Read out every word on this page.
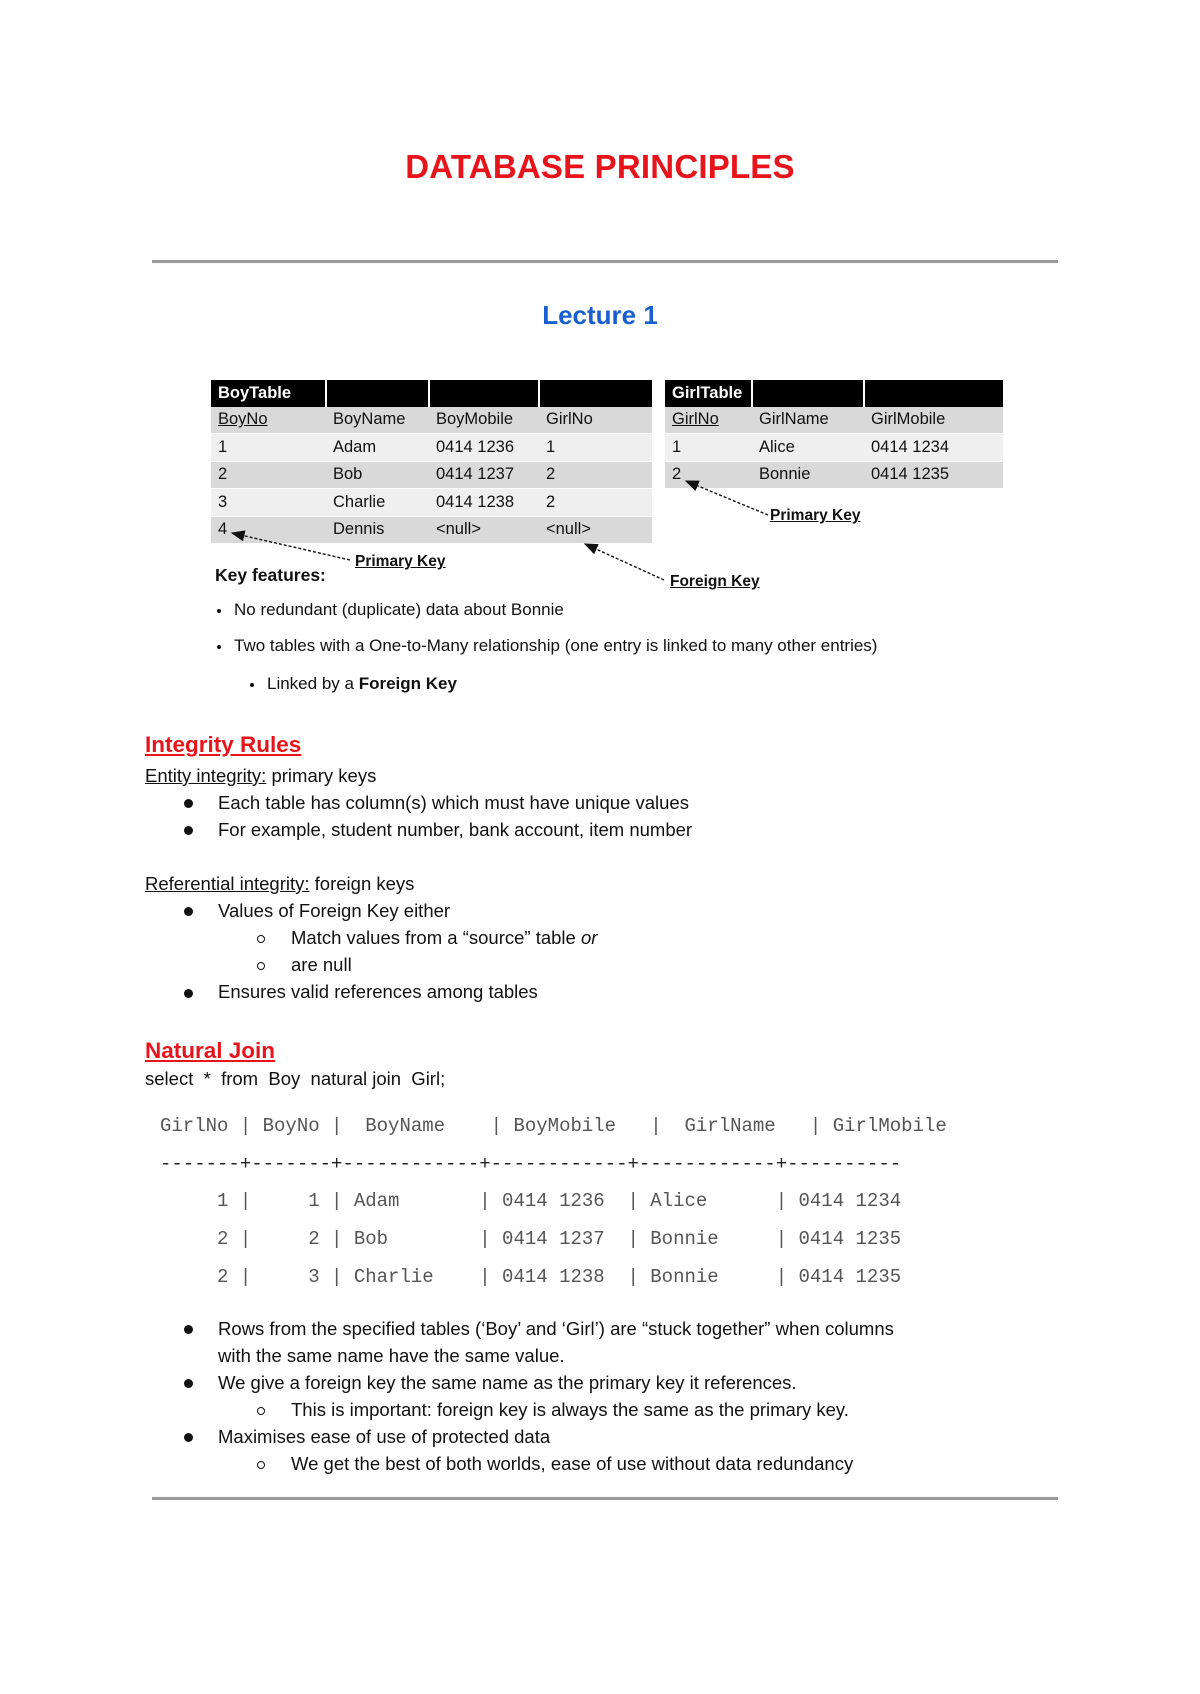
DATABASE PRINCIPLES
Lecture 1
BoyTable			
BoyNo	BoyName	BoyMobile	GirlNo
1	Adam	0414 1236	1
2	Bob	0414 1237	2
3	Charlie	0414 1238	2
4	Dennis	<null>	<null>
GirlTable		
GirlNo	GirlName	GirlMobile
1	Alice	0414 1234
2	Bonnie	0414 1235
Primary Key
Primary Key
Foreign Key
Key features:
No redundant (duplicate) data about Bonnie
Two tables with a One-to-Many relationship (one entry is linked to many other entries)
Linked by a Foreign Key
Integrity Rules
Entity integrity: primary keys
Each table has column(s) which must have unique values
For example, student number, bank account, item number
Referential integrity: foreign keys
Values of Foreign Key either
Match values from a “source” table or
are null
Ensures valid references among tables
Natural Join
select  *  from  Boy  natural join  Girl;
GirlNo | BoyNo |  BoyName    | BoyMobile   |  GirlName   | GirlMobile
-------+-------+------------+------------+------------+----------
1 |     1 | Adam       | 0414 1236  | Alice      | 0414 1234
2 |     2 | Bob        | 0414 1237  | Bonnie     | 0414 1235
2 |     3 | Charlie    | 0414 1238  | Bonnie     | 0414 1235
Rows from the specified tables (‘Boy’ and ‘Girl’) are “stuck together” when columns
with the same name have the same value.
We give a foreign key the same name as the primary key it references.
This is important: foreign key is always the same as the primary key.
Maximises ease of use of protected data
We get the best of both worlds, ease of use without data redundancy
